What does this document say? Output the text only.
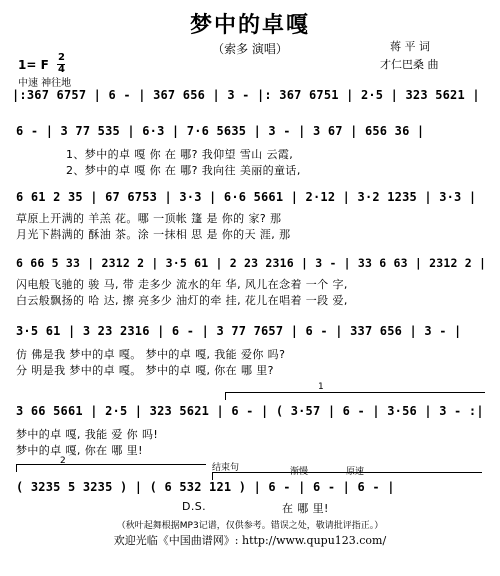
梦中的卓嘎
（索多 演唱）	蒋 平 词
才仁巴桑 曲
1= F
2
4
中速 神往地
|:367 6757 | 6 - | 367 656 | 3 - |: 367 6751 | 2·5 | 323 5621 |
6 - | 3 77 535 | 6·3 | 7·6 5635 | 3 - | 3 67 | 656 36 |
1、梦中的卓 嘎 你 在 哪? 我仰望 雪山 云霞,
2、梦中的卓 嘎 你 在 哪? 我向往 美丽的童话,
6 61 2 35 | 67 6753 | 3·3 | 6·6 5661 | 2·12 | 3·2 1235 | 3·3 |
草原上开满的 羊羔 花。哪 一顶帐 篷 是 你的 家? 那
月光下斟满的 酥油 茶。涂 一抹相 思 是 你的天 涯, 那
6 66 5 33 | 2312 2 | 3·5 61 | 2 23 2316 | 3 - | 33 6 63 | 2312 2 |
闪电般飞驰的 骏 马, 带 走多少 流水的年 华, 风儿在念着 一个 字,
白云般飘扬的 哈 达, 擦 亮多少 油灯的牵 挂, 花儿在唱着 一段 爱,
3·5 61 | 3 23 2316 | 6 - | 3 77 7657 | 6 - | 337 656 | 3 - |
仿 佛是我 梦中的卓 嘎。 梦中的卓 嘎, 我能 爱你 吗?
分 明是我 梦中的卓 嘎。 梦中的卓 嘎, 你在 哪 里?
1
3 66 5661 | 2·5 | 323 5621 | 6 - | ( 3·57 | 6 - | 3·56 | 3 - :|
梦中的卓 嘎, 我能 爱 你 吗!
梦中的卓 嘎, 你在 哪 里!
2
结束句	渐慢	原速
( 3235 5 3235 ) | ( 6 532 121 ) | 6 - | 6 - | 6 - |
D.S.	在 哪 里!
（秋叶起舞根据MP3记谱，仅供参考。错误之处，敬请批评指正。）
欢迎光临《中国曲谱网》: http://www.qupu123.com/
